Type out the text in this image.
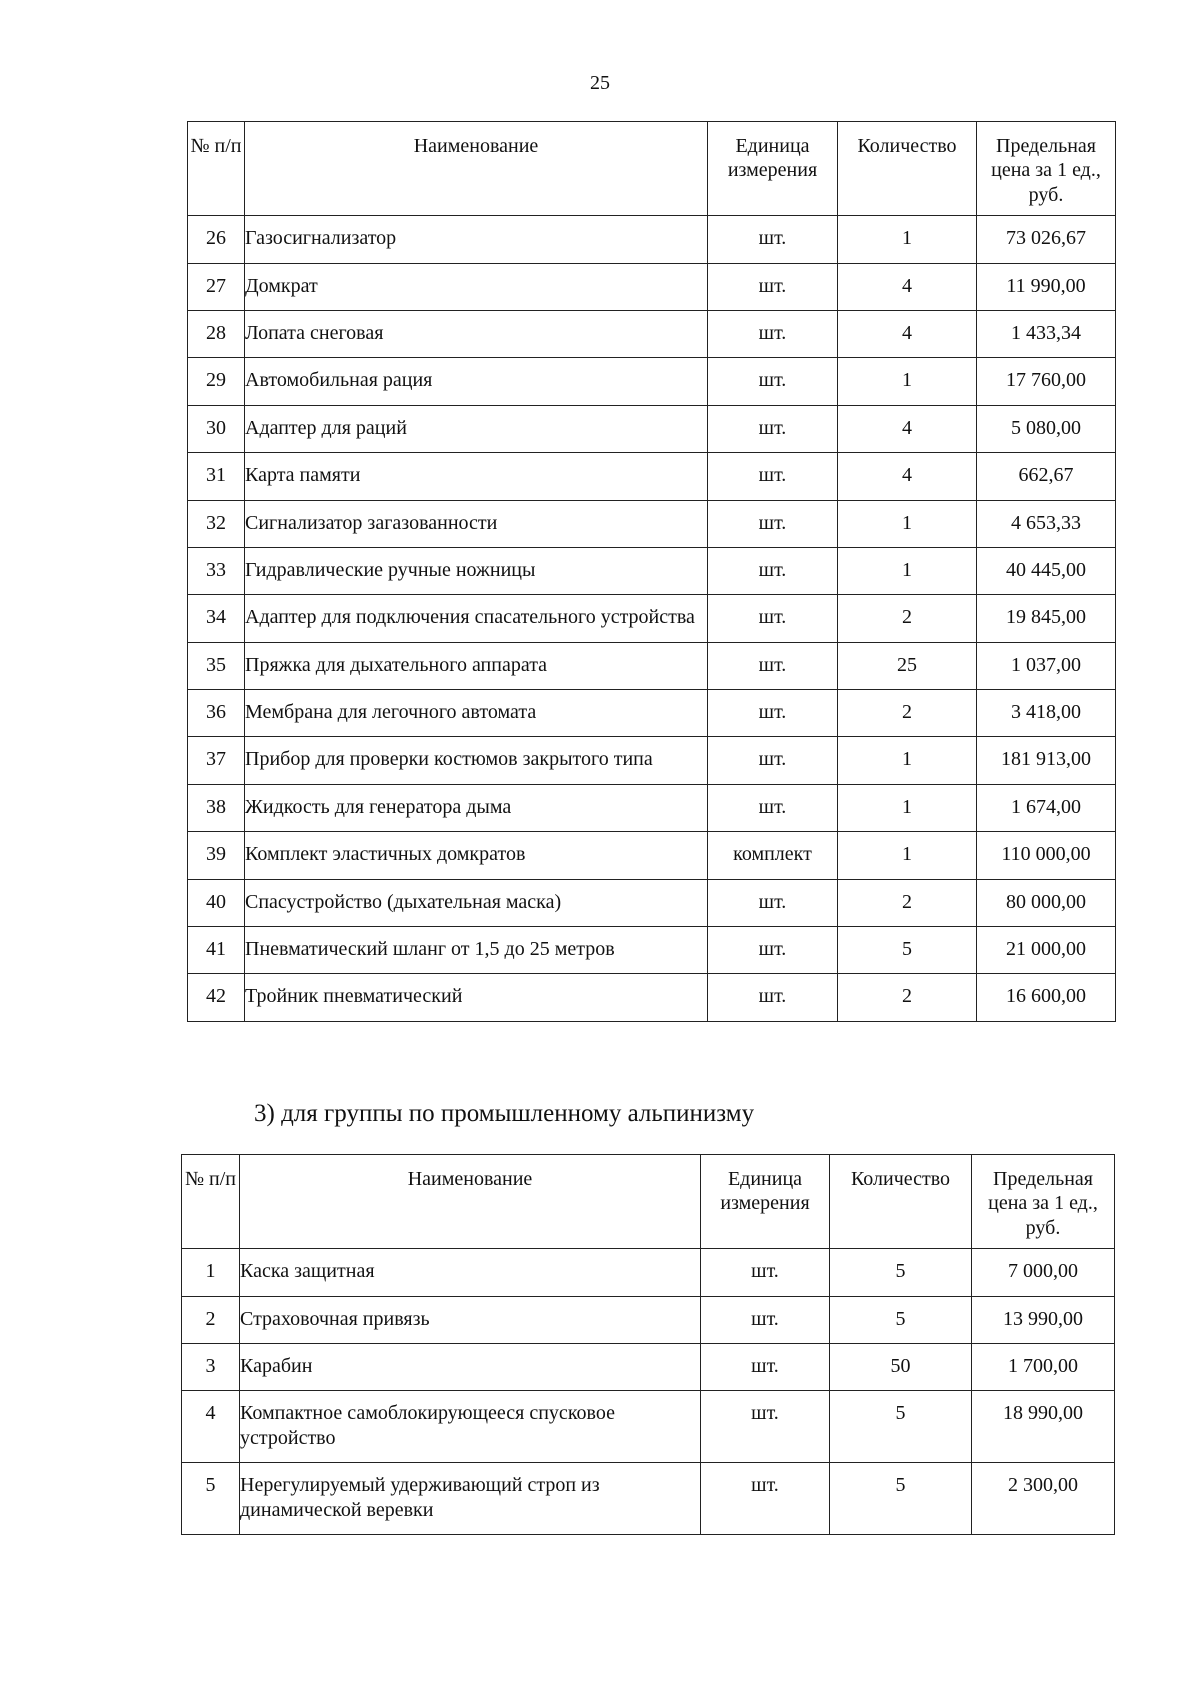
25
№ п/п	Наименование	Единица измерения	Количество	Предельная цена за 1 ед., руб.
26	Газосигнализатор	шт.	1	73 026,67
27	Домкрат	шт.	4	11 990,00
28	Лопата снеговая	шт.	4	1 433,34
29	Автомобильная рация	шт.	1	17 760,00
30	Адаптер для раций	шт.	4	5 080,00
31	Карта памяти	шт.	4	662,67
32	Сигнализатор загазованности	шт.	1	4 653,33
33	Гидравлические ручные ножницы	шт.	1	40 445,00
34	Адаптер для подключения спасательного устройства	шт.	2	19 845,00
35	Пряжка для дыхательного аппарата	шт.	25	1 037,00
36	Мембрана для легочного автомата	шт.	2	3 418,00
37	Прибор для проверки костюмов закрытого типа	шт.	1	181 913,00
38	Жидкость для генератора дыма	шт.	1	1 674,00
39	Комплект эластичных домкратов	комплект	1	110 000,00
40	Спасустройство (дыхательная маска)	шт.	2	80 000,00
41	Пневматический шланг от 1,5 до 25 метров	шт.	5	21 000,00
42	Тройник пневматический	шт.	2	16 600,00
3) для группы по промышленному альпинизму
№ п/п	Наименование	Единица измерения	Количество	Предельная цена за 1 ед., руб.
1	Каска защитная	шт.	5	7 000,00
2	Страховочная привязь	шт.	5	13 990,00
3	Карабин	шт.	50	1 700,00
4	Компактное самоблокирующееся спусковое устройство	шт.	5	18 990,00
5	Нерегулируемый удерживающий строп из динамической веревки	шт.	5	2 300,00
